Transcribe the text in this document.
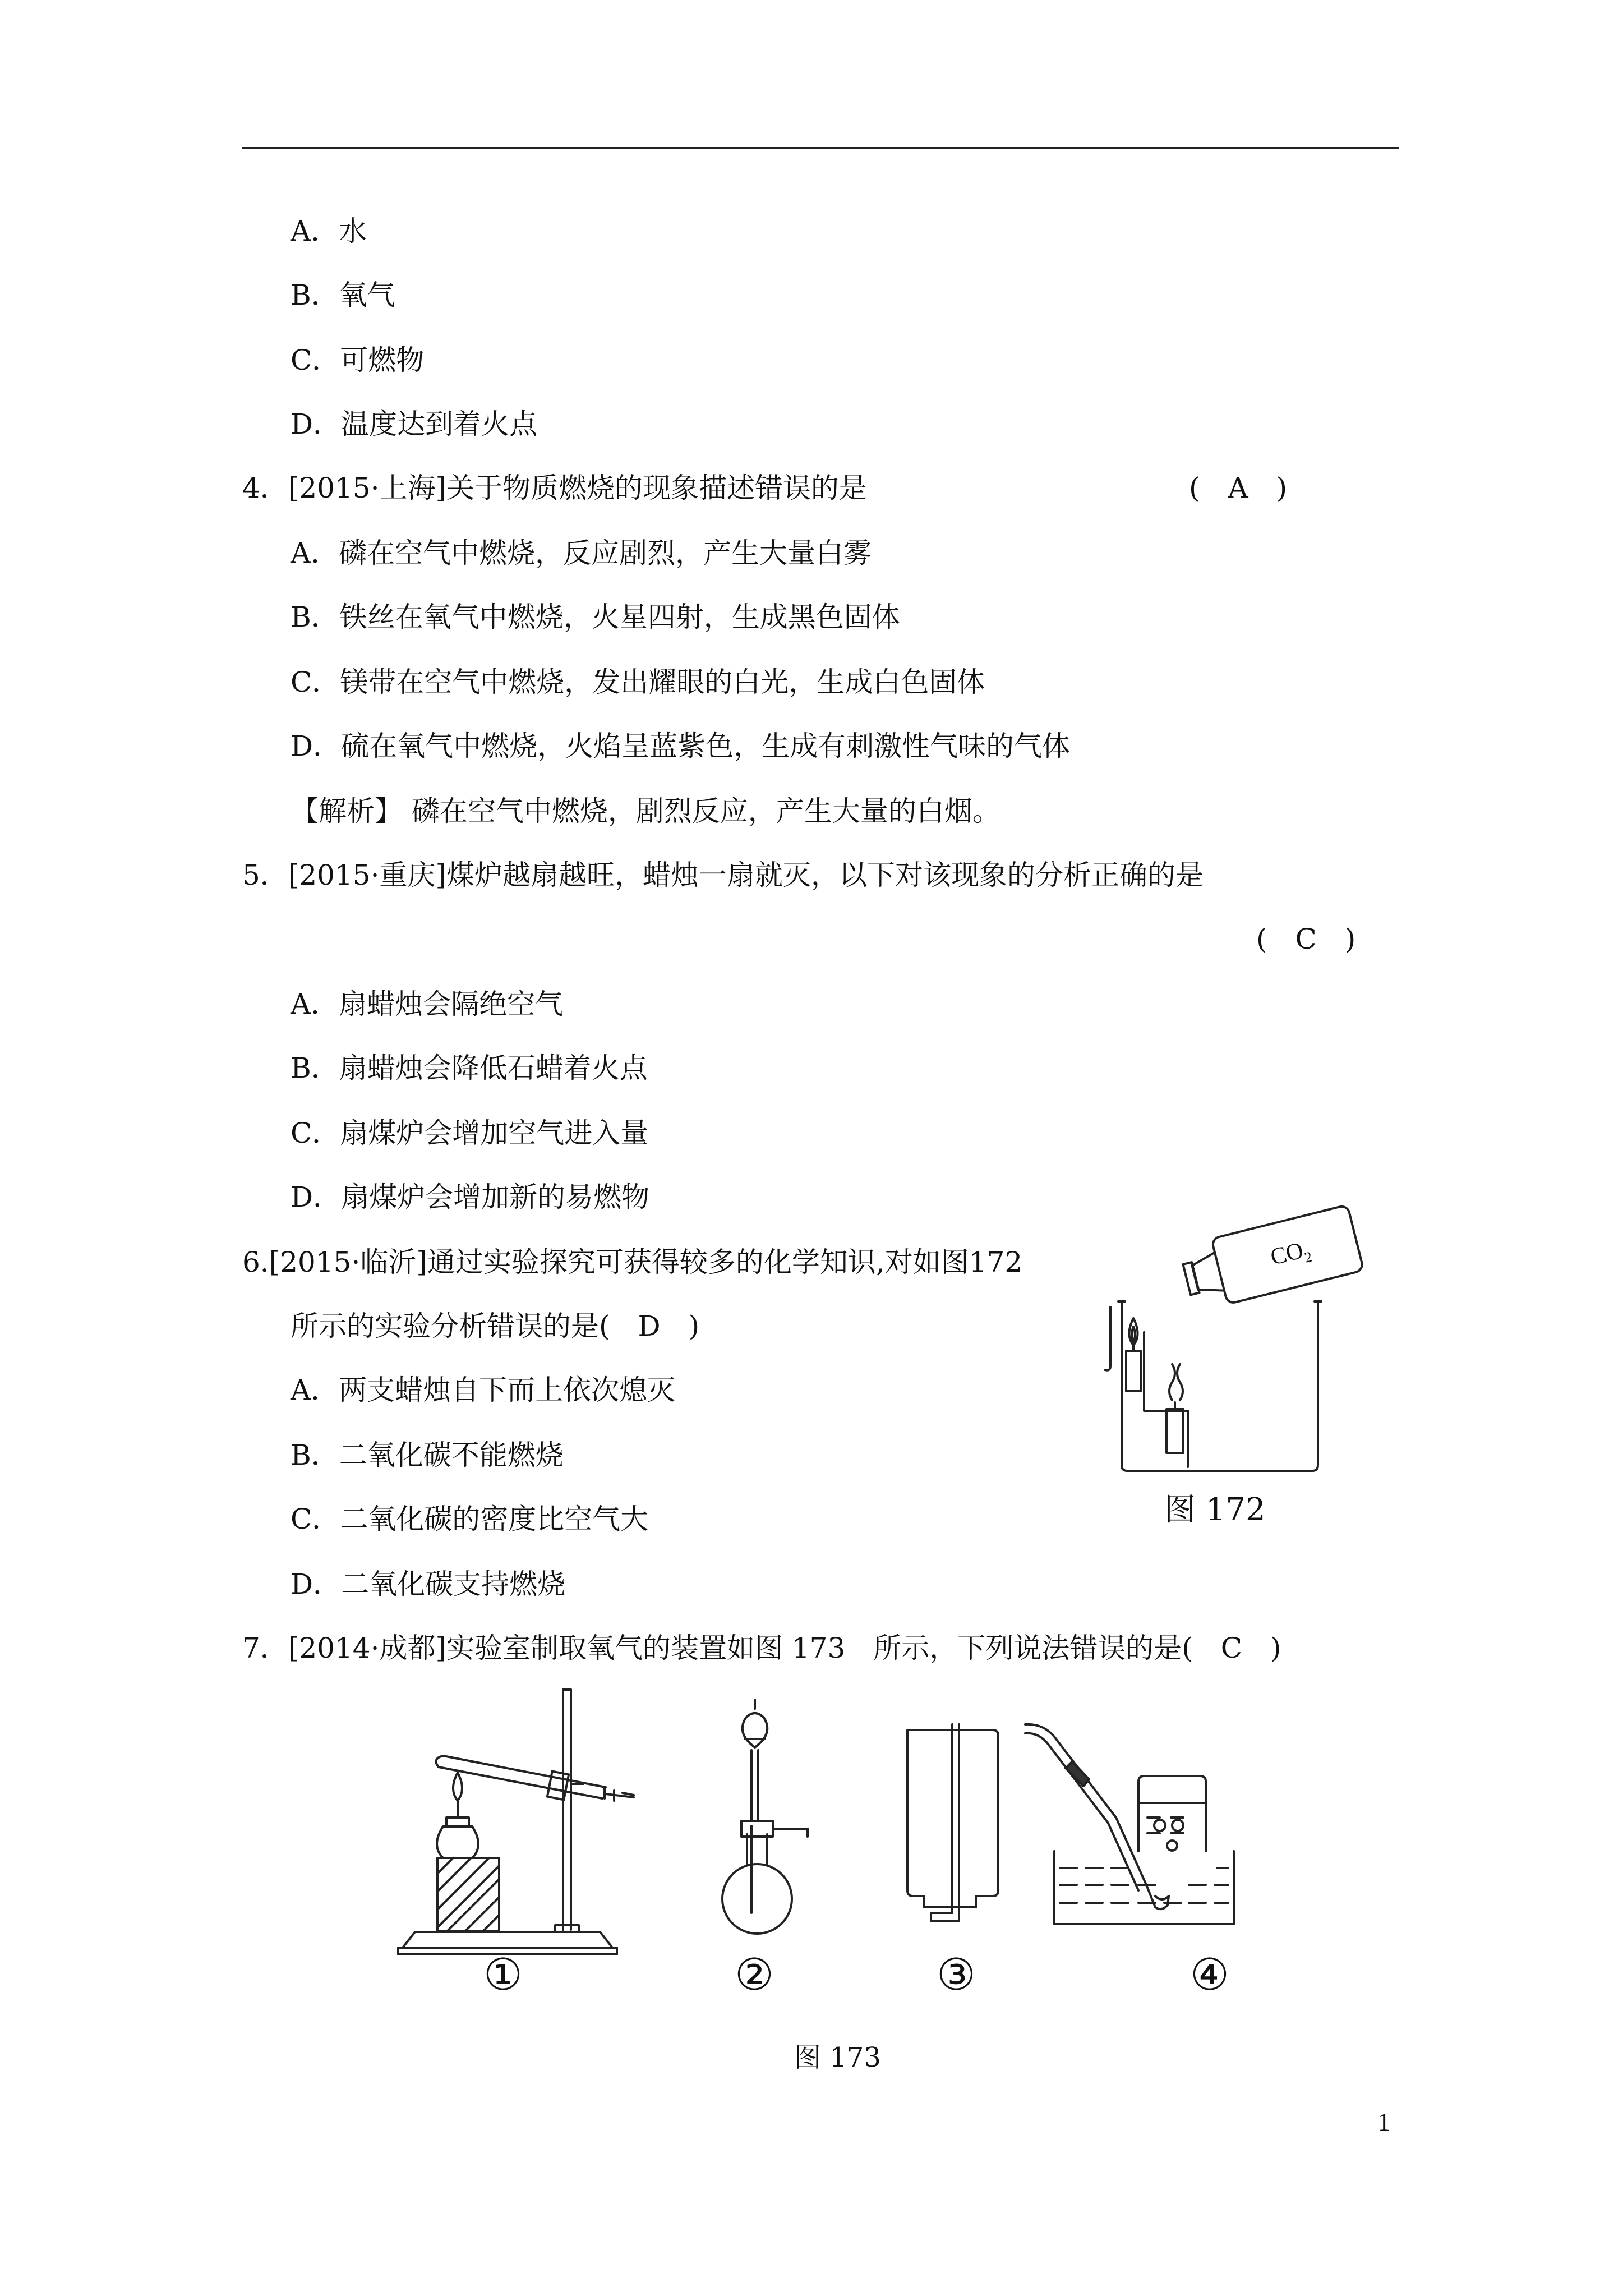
A．水
B．氧气
C．可燃物
D．温度达到着火点
4．[2015·上海]关于物质燃烧的现象描述错误的是	(　A　)
A．磷在空气中燃烧，反应剧烈，产生大量白雾
B．铁丝在氧气中燃烧，火星四射，生成黑色固体
C．镁带在空气中燃烧，发出耀眼的白光，生成白色固体
D．硫在氧气中燃烧，火焰呈蓝紫色，生成有刺激性气味的气体
【解析】 磷在空气中燃烧，剧烈反应，产生大量的白烟。
5．[2015·重庆]煤炉越扇越旺，蜡烛一扇就灭，以下对该现象的分析正确的是
(　C　)
A．扇蜡烛会隔绝空气
B．扇蜡烛会降低石蜡着火点
C．扇煤炉会增加空气进入量
D．扇煤炉会增加新的易燃物
6.[2015·临沂]通过实验探究可获得较多的化学知识,对如图172
所示的实验分析错误的是(　D　)
A．两支蜡烛自下而上依次熄灭
B．二氧化碳不能燃烧
C．二氧化碳的密度比空气大
D．二氧化碳支持燃烧
$CO_2$
图 172
7．[2014·成都]实验室制取氧气的装置如图 173　所示，下列说法错误的是(　C　)
①	②	③	④
图 173
1
